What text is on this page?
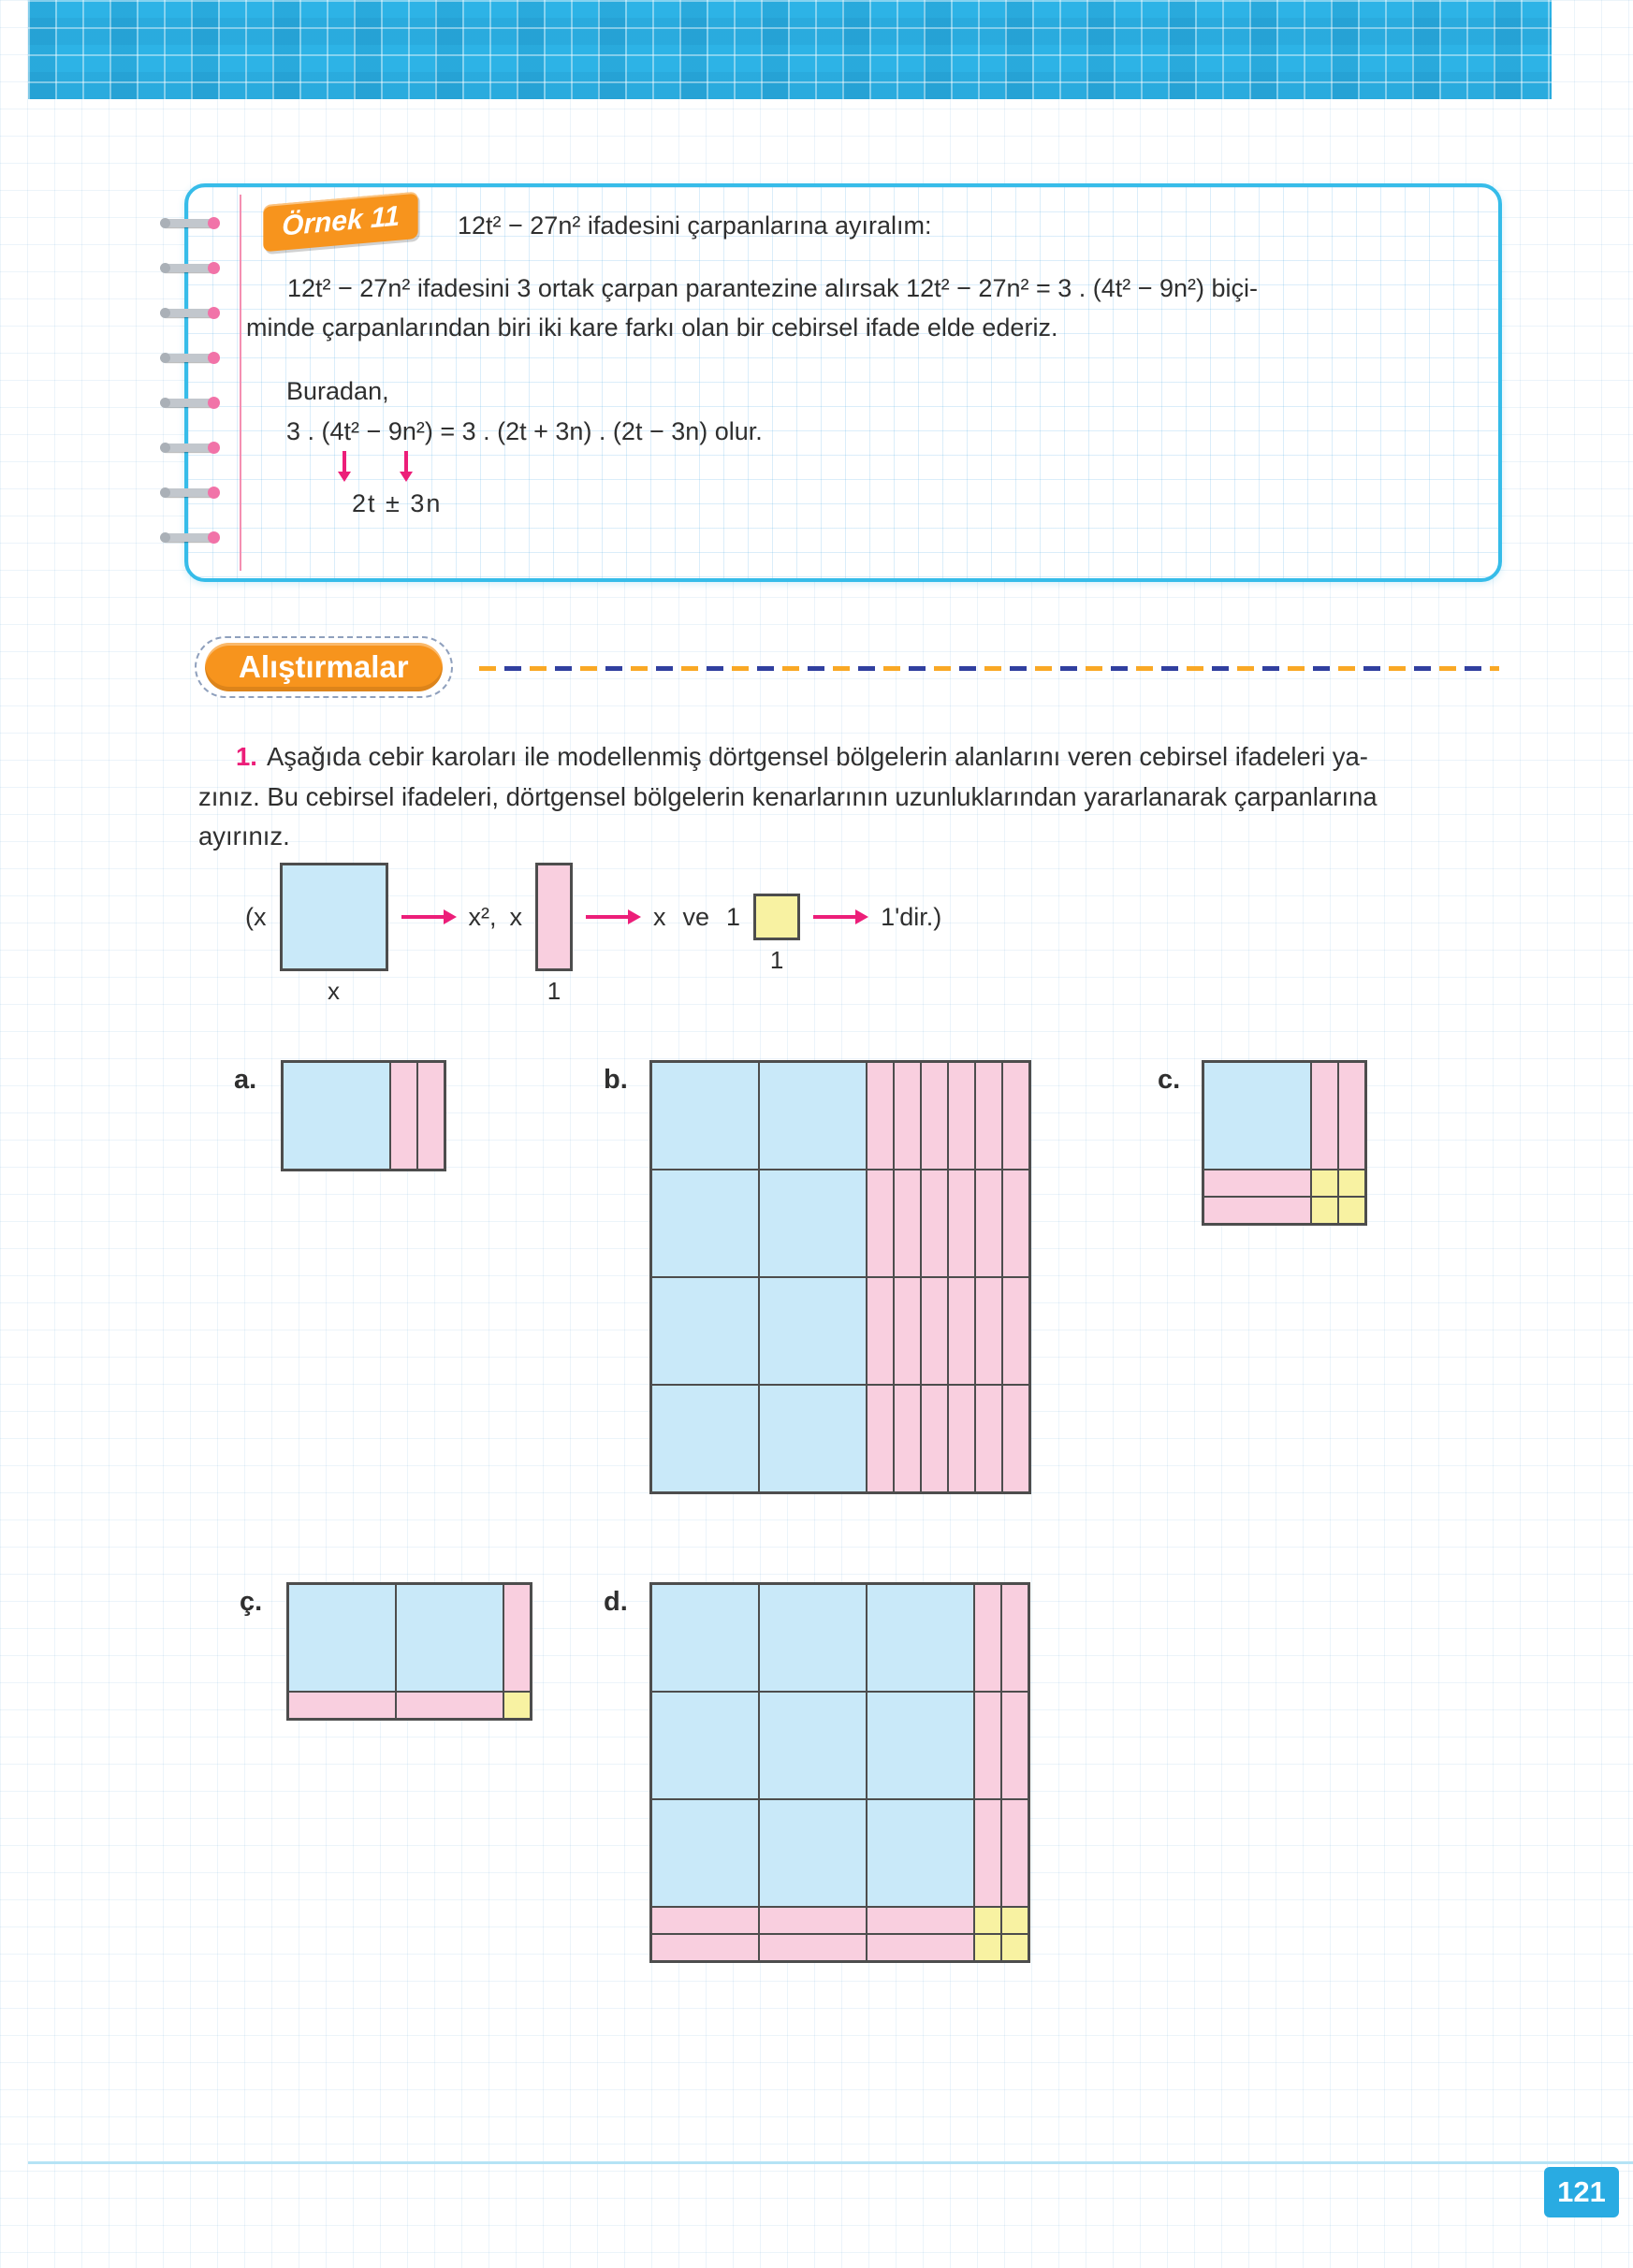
Örnek 11	12t² − 27n² ifadesini çarpanlarına ayıralım:
12t² − 27n² ifadesini 3 ortak çarpan parantezine alırsak 12t² − 27n² = 3 . (4t² − 9n²) biçi-
minde çarpanlarından biri iki kare farkı olan bir cebirsel ifade elde ederiz.
Buradan,
3 . (4t²
− 9n²
) = 3 . (2t + 3n) . (2t − 3n) olur.
2t ± 3n
Alıştırmalar
1. Aşağıda cebir karoları ile modellenmiş dörtgensel bölgelerin alanlarını veren cebirsel ifadeleri ya-
zınız. Bu cebirsel ifadeleri, dörtgensel bölgelerin kenarlarının uzunluklarından yararlanarak çarpanlarına
ayırınız.
(x
x
x², x
1
x ve 1
1
1'dir.)
a.	b.	c.
ç.	d.
121
